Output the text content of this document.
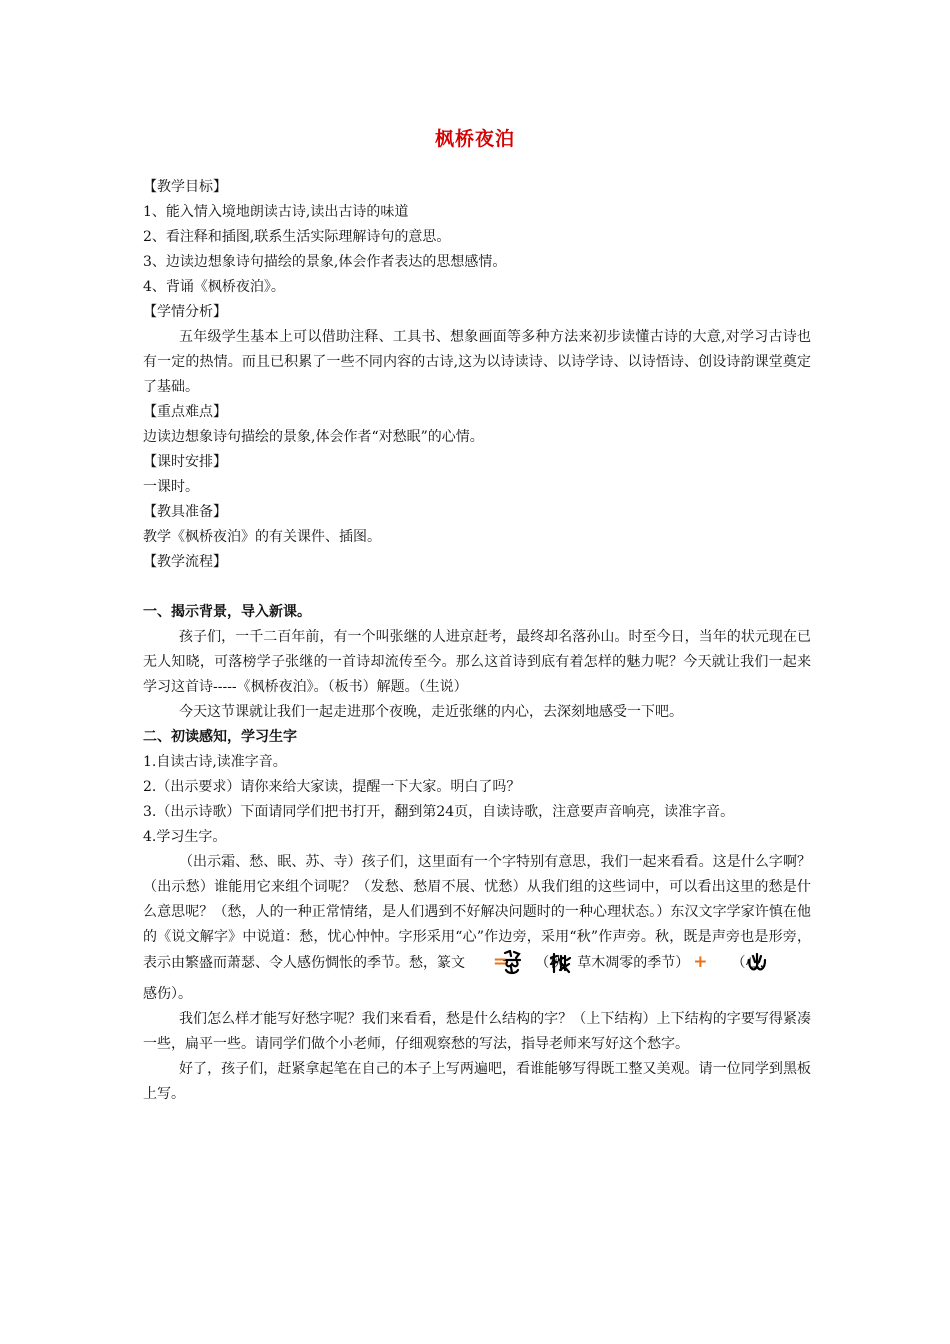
枫桥夜泊
【教学目标】
1、能入情入境地朗读古诗,读出古诗的味道
2、看注释和插图,联系生活实际理解诗句的意思。
3、边读边想象诗句描绘的景象,体会作者表达的思想感情。
4、背诵《枫桥夜泊》。
【学情分析】
五年级学生基本上可以借助注释、工具书、想象画面等多种方法来初步读懂古诗的大意,对学习古诗也有一定的热情。而且已积累了一些不同内容的古诗,这为以诗读诗、以诗学诗、以诗悟诗、创设诗韵课堂奠定了基础。
【重点难点】
边读边想象诗句描绘的景象,体会作者“对愁眠”的心情。
【课时安排】
一课时。
【教具准备】
教学《枫桥夜泊》的有关课件、插图。
【教学流程】
一、揭示背景，导入新课。
孩子们，一千二百年前，有一个叫张继的人进京赶考，最终却名落孙山。时至今日，当年的状元现在已无人知晓，可落榜学子张继的一首诗却流传至今。那么这首诗到底有着怎样的魅力呢？今天就让我们一起来学习这首诗-----《枫桥夜泊》。（板书）解题。（生说）
今天这节课就让我们一起走进那个夜晚，走近张继的内心，去深刻地感受一下吧。
二、初读感知，学习生字
1.自读古诗,读准字音。
2.（出示要求）请你来给大家读，提醒一下大家。明白了吗？
3.（出示诗歌）下面请同学们把书打开，翻到第24页，自读诗歌，注意要声音响亮，读准字音。
4.学习生字。
（出示霜、愁、眠、苏、寺）孩子们，这里面有一个字特别有意思，我们一起来看看。这是什么字啊？（出示愁）谁能用它来组个词呢？（发愁、愁眉不展、忧愁）从我们组的这些词中，可以看出这里的愁是什么意思呢？（愁，人的一种正常情绪，是人们遇到不好解决问题时的一种心理状态。）东汉文字学家许慎在他的《说文解字》中说道：愁，忧心忡忡。字形采用“心”作边旁，采用“秋”作声旁。秋，既是声旁也是形旁，表示由繁盛而萧瑟、令人感伤惆怅的季节。愁，篆文 = （秋，草木凋零的季节） + （心，
感伤）。
我们怎么样才能写好愁字呢？我们来看看，愁是什么结构的字？（上下结构）上下结构的字要写得紧凑一些，扁平一些。请同学们做个小老师，仔细观察愁的写法，指导老师来写好这个愁字。
好了，孩子们，赶紧拿起笔在自己的本子上写两遍吧，看谁能够写得既工整又美观。请一位同学到黑板上写。
